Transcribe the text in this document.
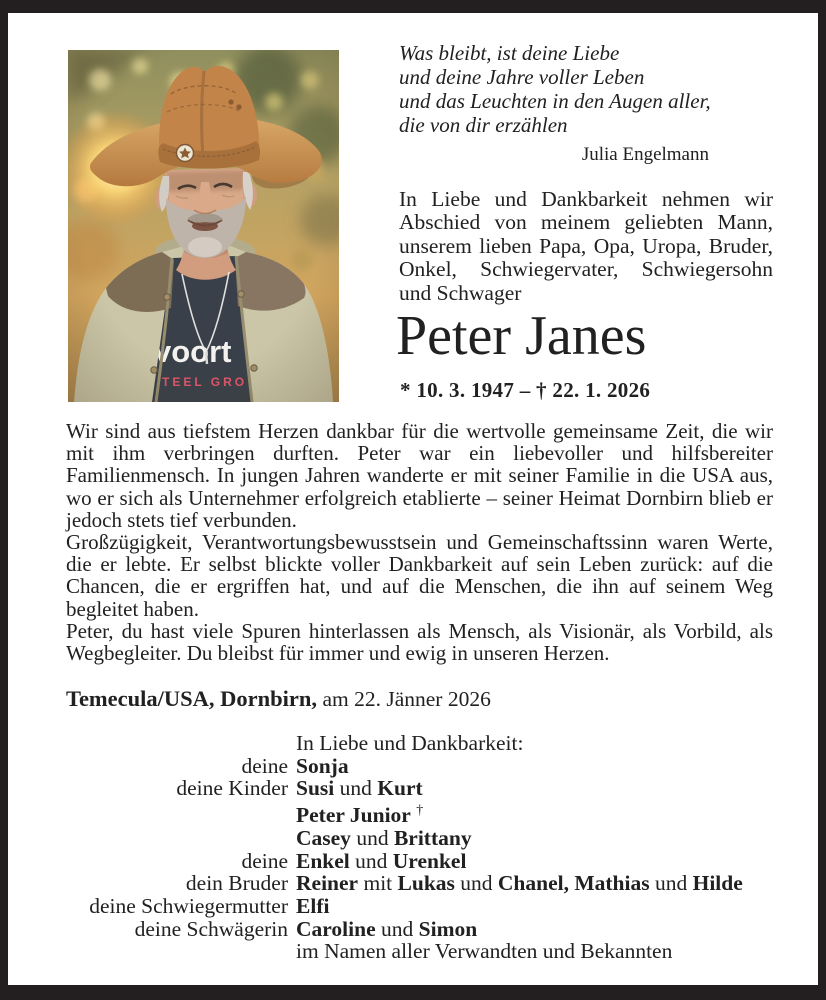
Was bleibt, ist deine Liebe
und deine Jahre voller Leben
und das Leuchten in den Augen aller,
die von dir erzählen
Julia Engelmann
In Liebe und Dankbarkeit nehmen wir Abschied von meinem geliebten Mann, unserem lieben Papa, Opa, Uropa, Bruder, Onkel, Schwiegervater, Schwiegersohn und Schwager
Peter Janes
* 10. 3. 1947 – † 22. 1. 2026

Wir sind aus tiefstem Herzen dankbar für die wertvolle gemeinsame Zeit, die wir mit ihm verbringen durften. Peter war ein liebevoller und hilfsbereiter Familienmensch. In jungen Jahren wanderte er mit seiner Familie in die USA aus, wo er sich als Unternehmer erfolgreich etablierte – seiner Heimat Dornbirn blieb er jedoch stets tief verbunden.

Großzügigkeit, Verantwortungsbewusstsein und Gemeinschaftssinn waren Werte, die er lebte. Er selbst blickte voller Dankbarkeit auf sein Leben zurück: auf die Chancen, die er ergriffen hat, und auf die Menschen, die ihn auf seinem Weg begleitet haben.

Peter, du hast viele Spuren hinterlassen als Mensch, als Visionär, als Vorbild, als Wegbegleiter. Du bleibst für immer und ewig in unseren Herzen.

Temecula/USA, Dornbirn, am 22. Jänner 2026
In Liebe und Dankbarkeit:
deine Sonja
deine Kinder Susi und Kurt
Peter Junior †
Casey und Brittany
deine Enkel und Urenkel
dein Bruder Reiner mit Lukas und Chanel, Mathias und Hilde
deine Schwiegermutter Elfi
deine Schwägerin Caroline und Simon
im Namen aller Verwandten und Bekannten
